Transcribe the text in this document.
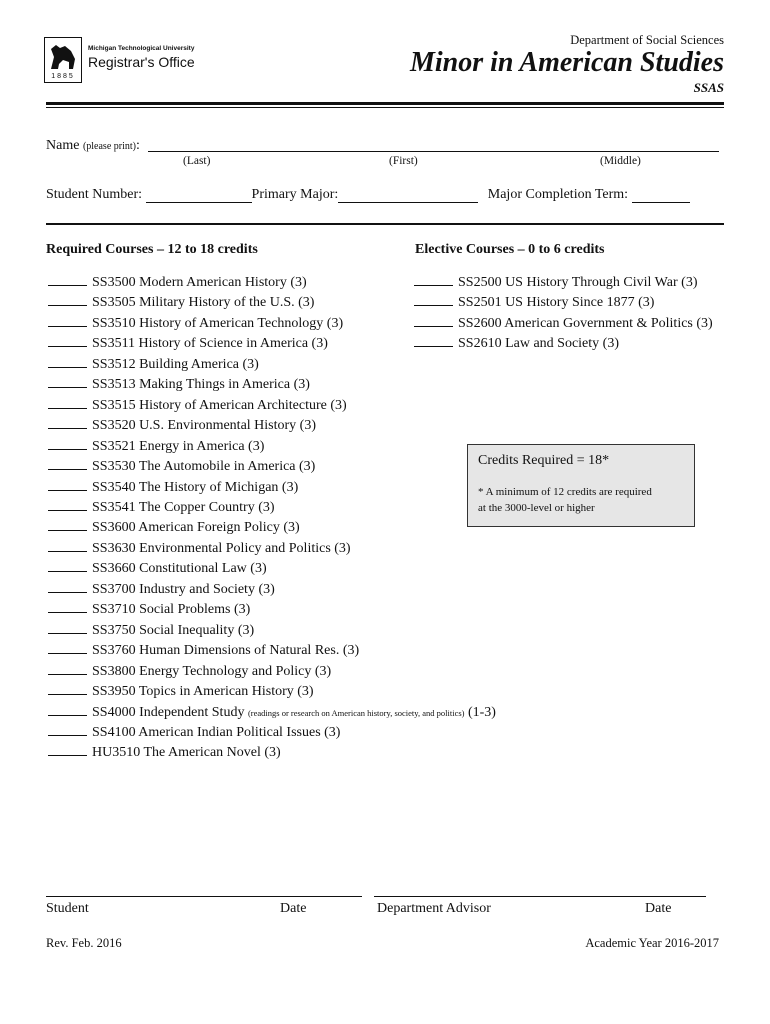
1885
Michigan Technological University
Registrar's Office
Department of Social Sciences
Minor in American Studies
SSAS
Name (please print):
(Last)	(First)	(Middle)
Student Number:	Primary Major:	Major Completion Term:
Required Courses – 12 to 18 credits	Elective Courses – 0 to 6 credits
SS3500 Modern American History (3)
SS3505 Military History of the U.S. (3)
SS3510 History of American Technology (3)
SS3511 History of Science in America (3)
SS3512 Building America (3)
SS3513 Making Things in America (3)
SS3515 History of American Architecture (3)
SS3520 U.S. Environmental History (3)
SS3521 Energy in America (3)
SS3530 The Automobile in America (3)
SS3540 The History of Michigan (3)
SS3541 The Copper Country (3)
SS3600 American Foreign Policy (3)
SS3630 Environmental Policy and Politics (3)
SS3660 Constitutional Law (3)
SS3700 Industry and Society (3)
SS3710 Social Problems (3)
SS3750 Social Inequality (3)
SS3760 Human Dimensions of Natural Res. (3)
SS3800 Energy Technology and Policy (3)
SS3950 Topics in American History (3)
SS4000 Independent Study (readings or research on American history, society, and politics) (1-3)
SS4100 American Indian Political Issues (3)
HU3510 The American Novel (3)
SS2500 US History Through Civil War (3)
SS2501 US History Since 1877 (3)
SS2600 American Government & Politics (3)
SS2610 Law and Society (3)
Credits Required = 18*
* A minimum of 12 credits are required
at the 3000-level or higher
Student	Date	Department Advisor	Date
Rev. Feb. 2016	Academic Year 2016-2017
